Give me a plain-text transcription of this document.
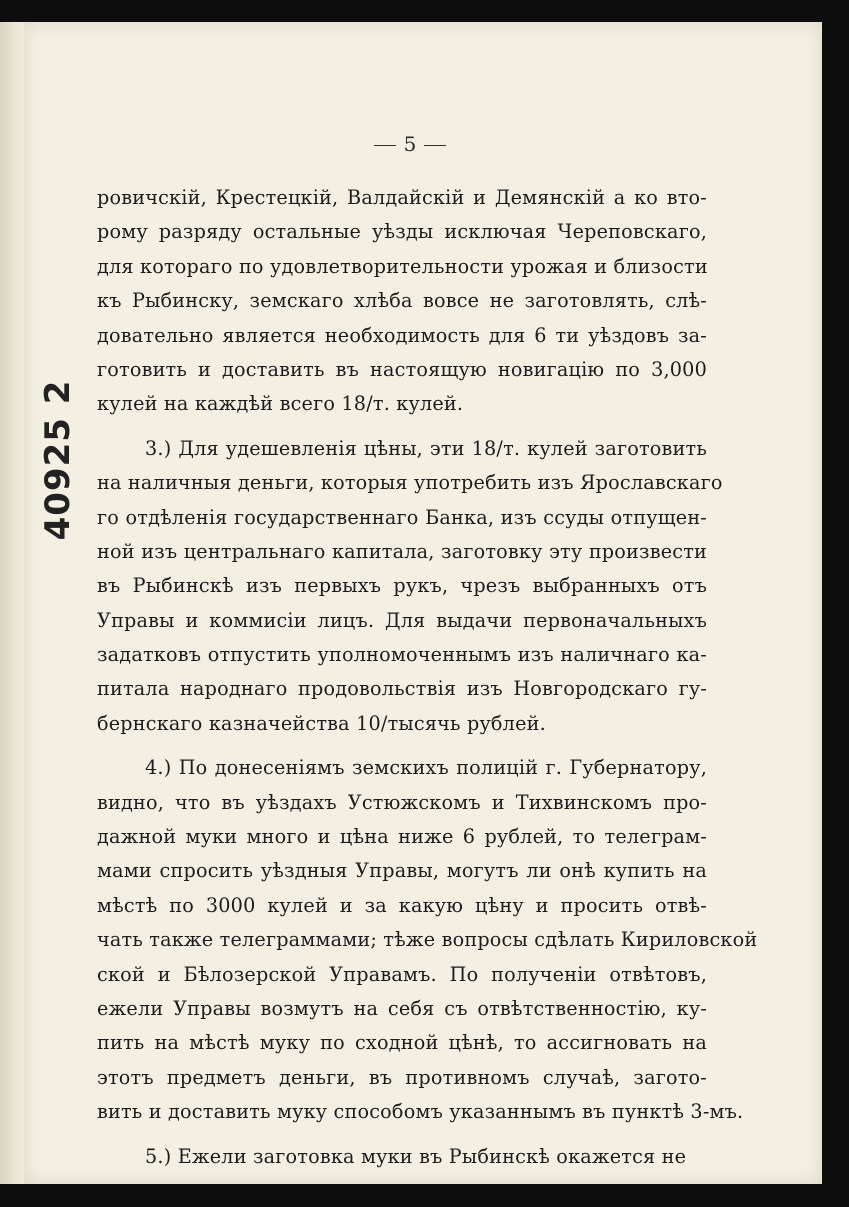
40925 2
5
ровичскій, Крестецкій, Валдайскій и Демянскій а ко вто-
рому разряду остальные уѣзды исключая Череповскаго,
для котораго по удовлетворительности урожая и близости
къ Рыбинску, земскаго хлѣба вовсе не заготовлять, слѣ-
довательно является необходимость для 6 ти уѣздовъ за-
готовить и доставить въ настоящую новигацію по 3,000
кулей на каждѣй всего 18/т. кулей.
3.) Для удешевленія цѣны, эти 18/т. кулей заготовить
на наличныя деньги, которыя употребить изъ Ярославскаго
го отдѣленія государственнаго Банка, изъ ссуды отпущен-
ной изъ центральнаго капитала, заготовку эту произвести
въ Рыбинскѣ изъ первыхъ рукъ, чрезъ выбранныхъ отъ
Управы и коммисіи лицъ. Для выдачи первоначальныхъ
задатковъ отпустить уполномоченнымъ изъ наличнаго ка-
питала народнаго продовольствія изъ Новгородскаго гу-
бернскаго казначейства 10/тысячь рублей.
4.) По донесеніямъ земскихъ полицій г. Губернатору,
видно, что въ уѣздахъ Устюжскомъ и Тихвинскомъ про-
дажной муки много и цѣна ниже 6 рублей, то телеграм-
мами спросить уѣздныя Управы, могутъ ли онѣ купить на
мѣстѣ по 3000 кулей и за какую цѣну и просить отвѣ-
чать также телеграммами; тѣже вопросы сдѣлать Кириловской
ской и Бѣлозерской Управамъ. По полученіи отвѣтовъ,
ежели Управы возмутъ на себя съ отвѣтственностію, ку-
пить на мѣстѣ муку по сходной цѣнѣ, то ассигновать на
этотъ предметъ деньги, въ противномъ случаѣ, загото-
вить и доставить муку способомъ указаннымъ въ пунктѣ 3-мъ.
5.) Ежели заготовка муки въ Рыбинскѣ окажется не
